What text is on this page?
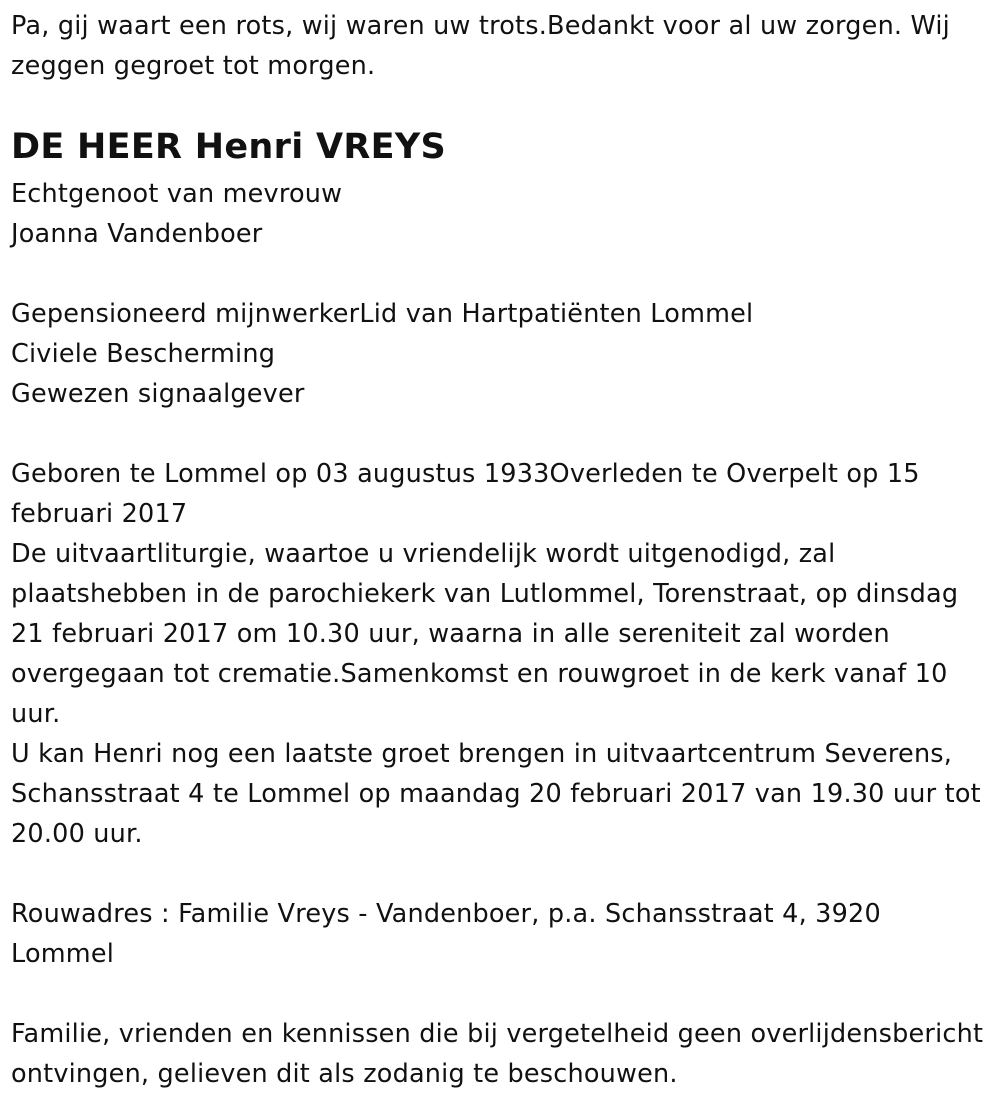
Pa, gij waart een rots, wij waren uw trots.Bedankt voor al uw zorgen. Wij zeggen gegroet tot morgen.

DE HEER Henri VREYS

Echtgenoot van mevrouw

Joanna Vandenboer

Gepensioneerd mijnwerkerLid van Hartpatiënten Lommel

Civiele Bescherming

Gewezen signaalgever

Geboren te Lommel op 03 augustus 1933Overleden te Overpelt op 15 februari 2017

De uitvaartliturgie, waartoe u vriendelijk wordt uitgenodigd, zal plaatshebben in de parochiekerk van Lutlommel, Torenstraat, op dinsdag 21 februari 2017 om 10.30 uur, waarna in alle sereniteit zal worden overgegaan tot crematie.Samenkomst en rouwgroet in de kerk vanaf 10 uur.

U kan Henri nog een laatste groet brengen in uitvaartcentrum Severens, Schansstraat 4 te Lommel op maandag 20 februari 2017 van 19.30 uur tot 20.00 uur.

Rouwadres : Familie Vreys - Vandenboer, p.a. Schansstraat 4, 3920 Lommel

Familie, vrienden en kennissen die bij vergetelheid geen overlijdensbericht ontvingen, gelieven dit als zodanig te beschouwen.
